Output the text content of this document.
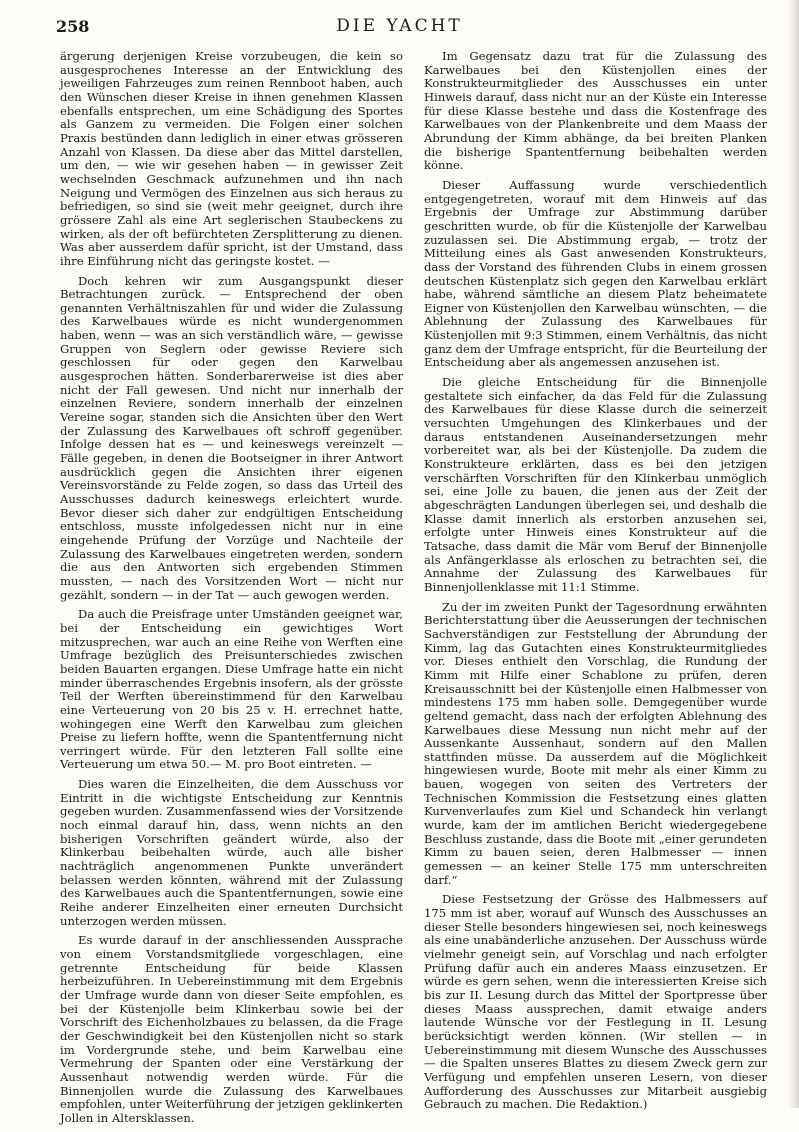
258	DIE YACHT

ärgerung derjenigen Kreise vorzubeugen, die kein so ausgesprochenes Interesse an der Entwicklung des jeweiligen Fahrzeuges zum reinen Rennboot haben, auch den Wünschen dieser Kreise in ihnen genehmen Klassen ebenfalls entsprechen, um eine Schädigung des Sportes als Ganzem zu vermeiden. Die Folgen einer solchen Praxis bestünden dann lediglich in einer etwas grösseren Anzahl von Klassen. Da diese aber das Mittel darstellen, um den, — wie wir gesehen haben — in gewisser Zeit wechselnden Geschmack aufzunehmen und ihn nach Neigung und Vermögen des Einzelnen aus sich heraus zu befriedigen, so sind sie (weit mehr geeignet, durch ihre grössere Zahl als eine Art seglerischen Staubeckens zu wirken, als der oft befürchteten Zersplitterung zu dienen. Was aber ausserdem dafür spricht, ist der Umstand, dass ihre Einführung nicht das geringste kostet. —

Doch kehren wir zum Ausgangspunkt dieser Betrachtungen zurück. — Entsprechend der oben genannten Verhältniszahlen für und wider die Zulassung des Karwelbaues würde es nicht wundergenommen haben, wenn — was an sich verständlich wäre, — gewisse Gruppen von Seglern oder gewisse Reviere sich geschlossen für oder gegen den Karwelbau ausgesprochen hätten. Sonderbarerweise ist dies aber nicht der Fall gewesen. Und nicht nur innerhalb der einzelnen Reviere, sondern innerhalb der einzelnen Vereine sogar, standen sich die Ansichten über den Wert der Zulassung des Karwelbaues oft schroff gegenüber. Infolge dessen hat es — und keineswegs vereinzelt — Fälle gegeben, in denen die Bootseigner in ihrer Antwort ausdrücklich gegen die Ansichten ihrer eigenen Vereinsvorstände zu Felde zogen, so dass das Urteil des Ausschusses dadurch keineswegs erleichtert wurde. Bevor dieser sich daher zur endgültigen Entscheidung entschloss, musste infolgedessen nicht nur in eine eingehende Prüfung der Vorzüge und Nachteile der Zulassung des Karwelbaues eingetreten werden, sondern die aus den Antworten sich ergebenden Stimmen mussten, — nach des Vorsitzenden Wort — nicht nur gezählt, sondern — in der Tat — auch gewogen werden.

Da auch die Preisfrage unter Umständen geeignet war, bei der Entscheidung ein gewichtiges Wort mitzusprechen, war auch an eine Reihe von Werften eine Umfrage bezüglich des Preisunterschiedes zwischen beiden Bauarten ergangen. Diese Umfrage hatte ein nicht minder überraschendes Ergebnis insofern, als der grösste Teil der Werften übereinstimmend für den Karwelbau eine Verteuerung von 20 bis 25 v. H. errechnet hatte, wohingegen eine Werft den Karwelbau zum gleichen Preise zu liefern hoffte, wenn die Spantentfernung nicht verringert würde. Für den letzteren Fall sollte eine Verteuerung um etwa 50.— M. pro Boot eintreten. —

Dies waren die Einzelheiten, die dem Ausschuss vor Eintritt in die wichtigste Entscheidung zur Kenntnis gegeben wurden. Zusammenfassend wies der Vorsitzende noch einmal darauf hin, dass, wenn nichts an den bisherigen Vorschriften geändert würde, also der Klinkerbau beibehalten würde, auch alle bisher nachträglich angenommenen Punkte unverändert belassen werden könnten, während mit der Zulassung des Karwelbaues auch die Spantentfernungen, sowie eine Reihe anderer Einzelheiten einer erneuten Durchsicht unterzogen werden müssen.

Es wurde darauf in der anschliessenden Aussprache von einem Vorstandsmitgliede vorgeschlagen, eine getrennte Entscheidung für beide Klassen herbeizuführen. In Uebereinstimmung mit dem Ergebnis der Umfrage wurde dann von dieser Seite empfohlen, es bei der Küstenjolle beim Klinkerbau sowie bei der Vorschrift des Eichenholzbaues zu belassen, da die Frage der Geschwindigkeit bei den Küstenjollen nicht so stark im Vordergrunde stehe, und beim Karwelbau eine Vermehrung der Spanten oder eine Verstärkung der Aussenhaut notwendig werden würde. Für die Binnenjollen wurde die Zulassung des Karwelbaues empfohlen, unter Weiterführung der jetzigen geklinkerten Jollen in Altersklassen.

Im Gegensatz dazu trat für die Zulassung des Karwelbaues bei den Küstenjollen eines der Konstrukteurmitglieder des Ausschusses ein unter Hinweis darauf, dass nicht nur an der Küste ein Interesse für diese Klasse bestehe und dass die Kostenfrage des Karwelbaues von der Plankenbreite und dem Maass der Abrundung der Kimm abhänge, da bei breiten Planken die bisherige Spantentfernung beibehalten werden könne.

Dieser Auffassung wurde verschiedentlich entgegengetreten, worauf mit dem Hinweis auf das Ergebnis der Umfrage zur Abstimmung darüber geschritten wurde, ob für die Küstenjolle der Karwelbau zuzulassen sei. Die Abstimmung ergab, — trotz der Mitteilung eines als Gast anwesenden Konstrukteurs, dass der Vorstand des führenden Clubs in einem grossen deutschen Küstenplatz sich gegen den Karwelbau erklärt habe, während sämtliche an diesem Platz beheimatete Eigner von Küstenjollen den Karwelbau wünschten, — die Ablehnung der Zulassung des Karwelbaues für Küstenjollen mit 9:3 Stimmen, einem Verhältnis, das nicht ganz dem der Umfrage entspricht, für die Beurteilung der Entscheidung aber als angemessen anzusehen ist.

Die gleiche Entscheidung für die Binnenjolle gestaltete sich einfacher, da das Feld für die Zulassung des Karwelbaues für diese Klasse durch die seinerzeit versuchten Umgehungen des Klinkerbaues und der daraus entstandenen Auseinandersetzungen mehr vorbereitet war, als bei der Küstenjolle. Da zudem die Konstrukteure erklärten, dass es bei den jetzigen verschärften Vorschriften für den Klinkerbau unmöglich sei, eine Jolle zu bauen, die jenen aus der Zeit der abgeschrägten Landungen überlegen sei, und deshalb die Klasse damit innerlich als erstorben anzusehen sei, erfolgte unter Hinweis eines Konstrukteur auf die Tatsache, dass damit die Mär vom Beruf der Binnenjolle als Anfängerklasse als erloschen zu betrachten sei, die Annahme der Zulassung des Karwelbaues für Binnenjollenklasse mit 11:1 Stimme.

Zu der im zweiten Punkt der Tagesordnung erwähnten Berichterstattung über die Aeusserungen der technischen Sachverständigen zur Feststellung der Abrundung der Kimm, lag das Gutachten eines Konstrukteurmitgliedes vor. Dieses enthielt den Vorschlag, die Rundung der Kimm mit Hilfe einer Schablone zu prüfen, deren Kreisausschnitt bei der Küstenjolle einen Halbmesser von mindestens 175 mm haben solle. Demgegenüber wurde geltend gemacht, dass nach der erfolgten Ablehnung des Karwelbaues diese Messung nun nicht mehr auf der Aussenkante Aussenhaut, sondern auf den Mallen stattfinden müsse. Da ausserdem auf die Möglichkeit hingewiesen wurde, Boote mit mehr als einer Kimm zu bauen, wogegen von seiten des Vertreters der Technischen Kommission die Festsetzung eines glatten Kurvenverlaufes zum Kiel und Schandeck hin verlangt wurde, kam der im amtlichen Bericht wiedergegebene Beschluss zustande, dass die Boote mit „einer gerundeten Kimm zu bauen seien, deren Halbmesser — innen gemessen — an keiner Stelle 175 mm unterschreiten darf.“

Diese Festsetzung der Grösse des Halbmessers auf 175 mm ist aber, worauf auf Wunsch des Ausschusses an dieser Stelle besonders hingewiesen sei, noch keineswegs als eine unabänderliche anzusehen. Der Ausschuss würde vielmehr geneigt sein, auf Vorschlag und nach erfolgter Prüfung dafür auch ein anderes Maass einzusetzen. Er würde es gern sehen, wenn die interessierten Kreise sich bis zur II. Lesung durch das Mittel der Sportpresse über dieses Maass aussprechen, damit etwaige anders lautende Wünsche vor der Festlegung in II. Lesung berücksichtigt werden können. (Wir stellen — in Uebereinstimmung mit diesem Wunsche des Ausschusses — die Spalten unseres Blattes zu diesem Zweck gern zur Verfügung und empfehlen unseren Lesern, von dieser Aufforderung des Ausschusses zur Mitarbeit ausgiebig Gebrauch zu machen. Die Redaktion.)
